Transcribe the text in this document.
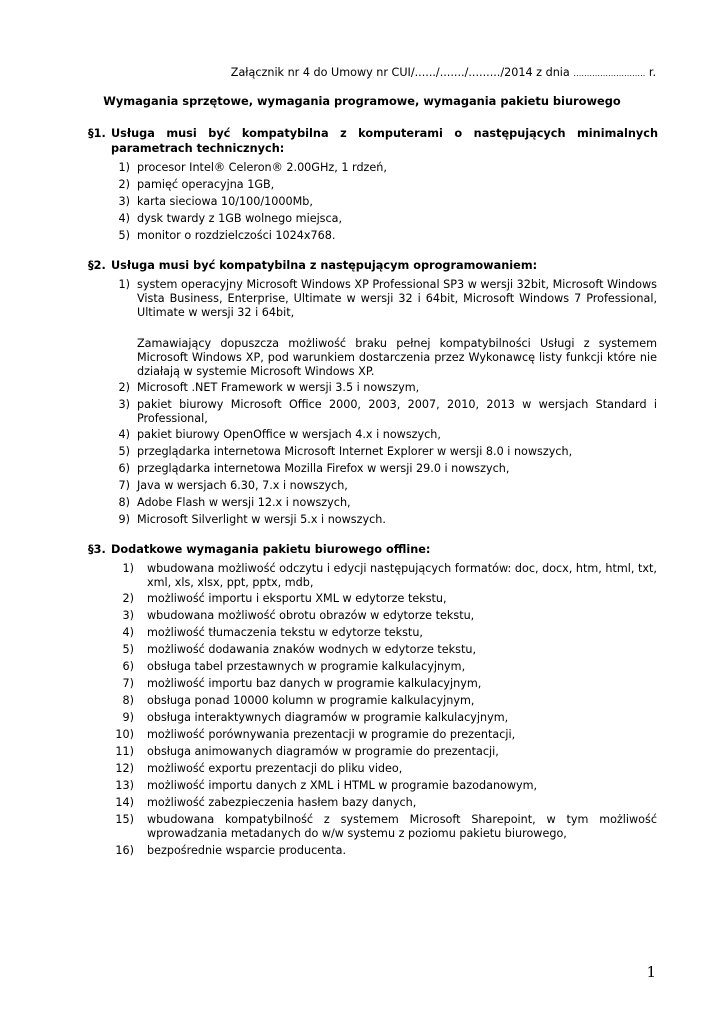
Załącznik nr 4 do Umowy nr CUI/....../......./........./2014 z dnia ……………………… r.
Wymagania sprzętowe, wymagania programowe, wymagania pakietu biurowego
§1. Usługa musi być kompatybilna z komputerami o następujących minimalnych
parametrach technicznych:
1) procesor Intel® Celeron® 2.00GHz, 1 rdzeń,
2) pamięć operacyjna 1GB,
3) karta sieciowa 10/100/1000Mb,
4) dysk twardy z 1GB wolnego miejsca,
5) monitor o rozdzielczości 1024x768.
§2. Usługa musi być kompatybilna z następującym oprogramowaniem:
1) system operacyjny Microsoft Windows XP Professional SP3 w wersji 32bit, Microsoft Windows Vista Business, Enterprise, Ultimate w wersji 32 i 64bit, Microsoft Windows 7 Professional, Ultimate w wersji 32 i 64bit,
Zamawiający dopuszcza możliwość braku pełnej kompatybilności Usługi z systemem Microsoft Windows XP, pod warunkiem dostarczenia przez Wykonawcę listy funkcji które nie działają w systemie Microsoft Windows XP.
2) Microsoft .NET Framework w wersji 3.5 i nowszym,
3) pakiet biurowy Microsoft Office 2000, 2003, 2007, 2010, 2013 w wersjach Standard i Professional,
4) pakiet biurowy OpenOffice w wersjach 4.x i nowszych,
5) przeglądarka internetowa Microsoft Internet Explorer w wersji 8.0 i nowszych,
6) przeglądarka internetowa Mozilla Firefox w wersji 29.0 i nowszych,
7) Java w wersjach 6.30, 7.x i nowszych,
8) Adobe Flash w wersji 12.x i nowszych,
9) Microsoft Silverlight w wersji 5.x i nowszych.
§3. Dodatkowe wymagania pakietu biurowego offline:
1) wbudowana możliwość odczytu i edycji następujących formatów: doc, docx, htm, html, txt, xml, xls, xlsx, ppt, pptx, mdb,
2) możliwość importu i eksportu XML w edytorze tekstu,
3) wbudowana możliwość obrotu obrazów w edytorze tekstu,
4) możliwość tłumaczenia tekstu w edytorze tekstu,
5) możliwość dodawania znaków wodnych w edytorze tekstu,
6) obsługa tabel przestawnych w programie kalkulacyjnym,
7) możliwość importu baz danych w programie kalkulacyjnym,
8) obsługa ponad 10000 kolumn w programie kalkulacyjnym,
9) obsługa interaktywnych diagramów w programie kalkulacyjnym,
10) możliwość porównywania prezentacji w programie do prezentacji,
11) obsługa animowanych diagramów w programie do prezentacji,
12) możliwość exportu prezentacji do pliku video,
13) możliwość importu danych z XML i HTML w programie bazodanowym,
14) możliwość zabezpieczenia hasłem bazy danych,
15) wbudowana kompatybilność z systemem Microsoft Sharepoint, w tym możliwość wprowadzania metadanych do w/w systemu z poziomu pakietu biurowego,
16) bezpośrednie wsparcie producenta.
1
